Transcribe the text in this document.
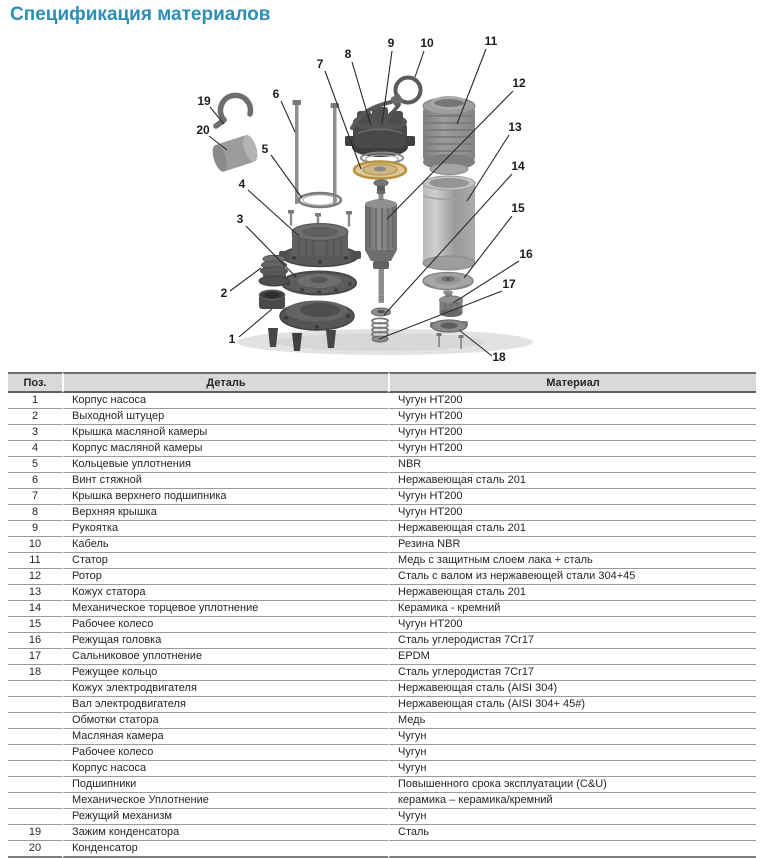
Спецификация материалов
1
2
3
4
5
6
7
8
9 10	11
12
13
14
15
16
17
18
19
20
Поз.	Деталь	Материал
1	Корпус насоса	Чугун HT200
2	Выходной штуцер	Чугун HT200
3	Крышка масляной камеры	Чугун HT200
4	Корпус масляной камеры	Чугун HT200
5	Кольцевые уплотнения	NBR
6	Винт стяжной	Нержавеющая сталь 201
7	Крышка верхнего подшипника	Чугун HT200
8	Верхняя крышка	Чугун HT200
9	Рукоятка	Нержавеющая сталь 201
10	Кабель	Резина NBR
11	Статор	Медь с защитным слоем лака + сталь
12	Ротор	Сталь с валом из нержавеющей стали 304+45
13	Кожух статора	Нержавеющая сталь 201
14	Механическое торцевое уплотнение	Керамика - кремний
15	Рабочее колесо	Чугун HT200
16	Режущая головка	Сталь углеродистая 7Cr17
17	Сальниковое уплотнение	EPDM
18	Режущее кольцо	Сталь углеродистая 7Cr17
	Кожух электродвигателя	Нержавеющая сталь (AISI 304)
	Вал электродвигателя	Нержавеющая сталь (AISI 304+ 45#)
	Обмотки статора	Медь
	Масляная камера	Чугун
	Рабочее колесо	Чугун
	Корпус насоса	Чугун
	Подшипники	Повышенного срока эксплуатации (C&U)
	Механическое Уплотнение	керамика – керамика/кремний
	Режущий механизм	Чугун
19	Зажим конденсатора	Сталь
20	Конденсатор	
